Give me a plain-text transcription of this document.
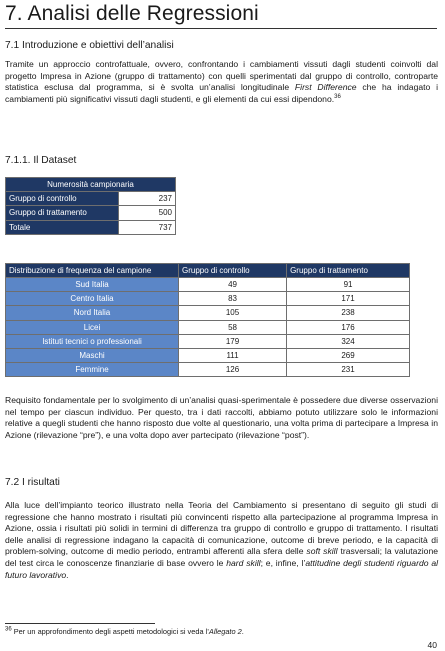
7. Analisi delle Regressioni
7.1 Introduzione e obiettivi dell’analisi

Tramite un approccio controfattuale, ovvero, confrontando i cambiamenti vissuti dagli studenti coinvolti dal progetto Impresa in Azione (gruppo di trattamento) con quelli sperimentati dal gruppo di controllo, controparte statistica esclusa dal programma, si è svolta un’analisi longitudinale First Difference che ha indagato i cambiamenti più significativi vissuti dagli studenti, e gli elementi da cui essi dipendono.$^{36}$

7.1.1. Il Dataset
Numerosità campionaria	
Gruppo di controllo	237
Gruppo di trattamento	500
Totale	737
Distribuzione di frequenza del campione	Gruppo di controllo	Gruppo di trattamento
Sud Italia	49	91
Centro Italia	83	171
Nord Italia	105	238
Licei	58	176
Istituti tecnici o professionali	179	324
Maschi	111	269
Femmine	126	231

Requisito fondamentale per lo svolgimento di un’analisi quasi-sperimentale è possedere due diverse osservazioni nel tempo per ciascun individuo. Per questo, tra i dati raccolti, abbiamo potuto utilizzare solo le informazioni relative a quegli studenti che hanno risposto due volte al questionario, una volta prima di partecipare a Impresa in Azione (rilevazione “pre”), e una volta dopo aver partecipato (rilevazione “post”).

7.2 I risultati

Alla luce dell’impianto teorico illustrato nella Teoria del Cambiamento si presentano di seguito gli studi di regressione che hanno mostrato i risultati più convincenti rispetto alla partecipazione al programma Impresa in Azione, ossia i risultati più solidi in termini di differenza tra gruppo di controllo e gruppo di trattamento. I risultati delle analisi di regressione indagano la capacità di comunicazione, outcome di breve periodo, e la capacità di problem-solving, outcome di medio periodo, entrambi afferenti alla sfera delle soft skill trasversali; la valutazione del test circa le conoscenze finanziarie di base ovvero le hard skill; e, infine, l’attitudine degli studenti riguardo al futuro lavorativo.

$^{36}$ Per un approfondimento degli aspetti metodologici si veda l’Allegato 2.

40
